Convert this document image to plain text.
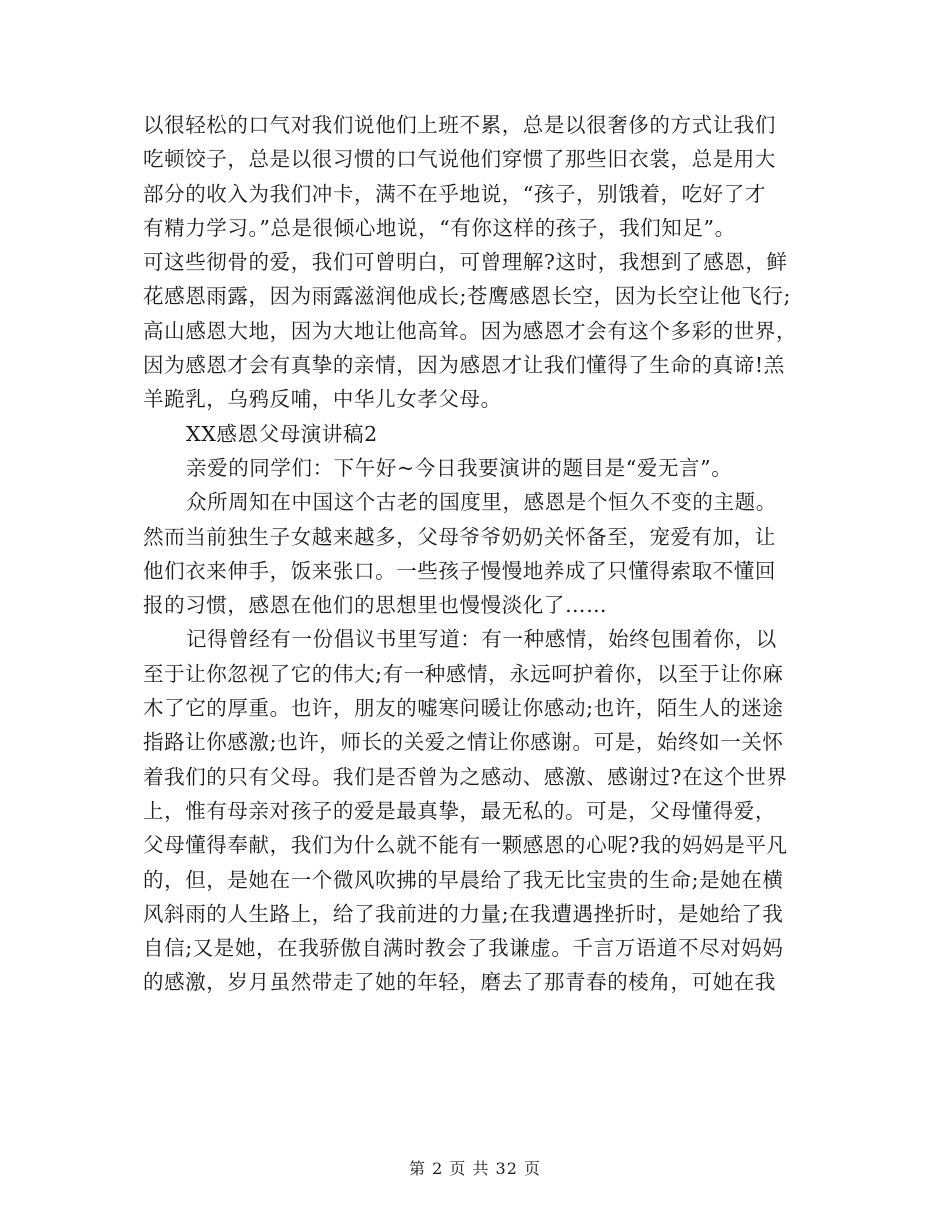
以很轻松的口气对我们说他们上班不累，总是以很奢侈的方式让我们
吃顿饺子，总是以很习惯的口气说他们穿惯了那些旧衣裳，总是用大
部分的收入为我们冲卡，满不在乎地说，“孩子，别饿着，吃好了才
有精力学习。”总是很倾心地说，“有你这样的孩子，我们知足”。
可这些彻骨的爱，我们可曾明白，可曾理解?这时，我想到了感恩，鲜
花感恩雨露，因为雨露滋润他成长;苍鹰感恩长空，因为长空让他飞行;
高山感恩大地，因为大地让他高耸。因为感恩才会有这个多彩的世界，
因为感恩才会有真挚的亲情，因为感恩才让我们懂得了生命的真谛!羔
羊跪乳，乌鸦反哺，中华儿女孝父母。
XX感恩父母演讲稿2
亲爱的同学们：下午好~今日我要演讲的题目是“爱无言”。
众所周知在中国这个古老的国度里，感恩是个恒久不变的主题。
然而当前独生子女越来越多，父母爷爷奶奶关怀备至，宠爱有加，让
他们衣来伸手，饭来张口。一些孩子慢慢地养成了只懂得索取不懂回
报的习惯，感恩在他们的思想里也慢慢淡化了……
记得曾经有一份倡议书里写道：有一种感情，始终包围着你，以
至于让你忽视了它的伟大;有一种感情，永远呵护着你，以至于让你麻
木了它的厚重。也许，朋友的嘘寒问暖让你感动;也许，陌生人的迷途
指路让你感激;也许，师长的关爱之情让你感谢。可是，始终如一关怀
着我们的只有父母。我们是否曾为之感动、感激、感谢过?在这个世界
上，惟有母亲对孩子的爱是最真挚，最无私的。可是，父母懂得爱，
父母懂得奉献，我们为什么就不能有一颗感恩的心呢?我的妈妈是平凡
的，但，是她在一个微风吹拂的早晨给了我无比宝贵的生命;是她在横
风斜雨的人生路上，给了我前进的力量;在我遭遇挫折时，是她给了我
自信;又是她，在我骄傲自满时教会了我谦虚。千言万语道不尽对妈妈
的感激，岁月虽然带走了她的年轻，磨去了那青春的棱角，可她在我
第 2 页 共 32 页
